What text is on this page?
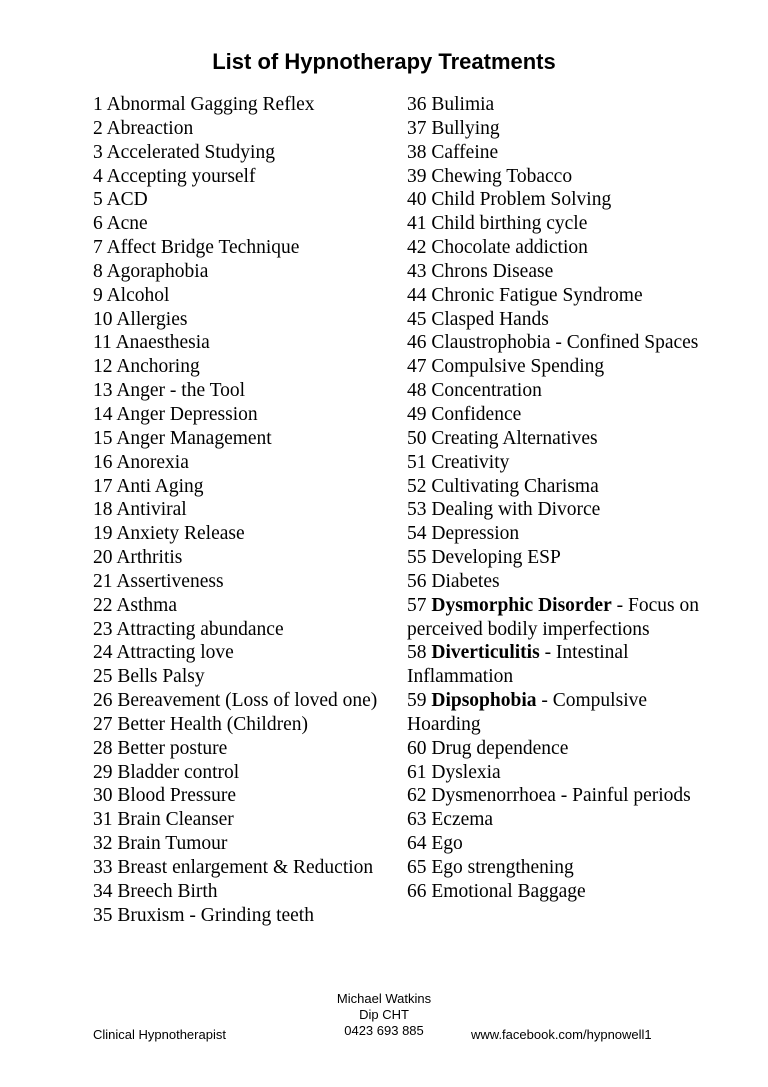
List of Hypnotherapy Treatments
1 Abnormal Gagging Reflex
2 Abreaction
3 Accelerated Studying
4 Accepting yourself
5 ACD
6 Acne
7 Affect Bridge Technique
8 Agoraphobia
9 Alcohol
10 Allergies
11 Anaesthesia
12 Anchoring
13 Anger - the Tool
14 Anger Depression
15 Anger Management
16 Anorexia
17 Anti Aging
18 Antiviral
19 Anxiety Release
20 Arthritis
21 Assertiveness
22 Asthma
23 Attracting abundance
24 Attracting love
25 Bells Palsy
26 Bereavement (Loss of loved one)
27 Better Health (Children)
28 Better posture
29 Bladder control
30 Blood Pressure
31 Brain Cleanser
32 Brain Tumour
33 Breast enlargement & Reduction
34 Breech Birth
35 Bruxism - Grinding teeth
36 Bulimia
37 Bullying
38 Caffeine
39 Chewing Tobacco
40 Child Problem Solving
41 Child birthing cycle
42 Chocolate addiction
43 Chrons Disease
44 Chronic Fatigue Syndrome
45 Clasped Hands
46 Claustrophobia - Confined Spaces
47 Compulsive Spending
48 Concentration
49 Confidence
50 Creating Alternatives
51 Creativity
52 Cultivating Charisma
53 Dealing with Divorce
54 Depression
55 Developing ESP
56 Diabetes
57 Dysmorphic Disorder - Focus on perceived bodily imperfections
58 Diverticulitis - Intestinal Inflammation
59 Dipsophobia - Compulsive Hoarding
60 Drug dependence
61 Dyslexia
62 Dysmenorrhoea - Painful periods
63 Eczema
64 Ego
65 Ego strengthening
66 Emotional Baggage
Clinical Hypnotherapist
Michael Watkins
Dip CHT
0423 693 885	www.facebook.com/hypnowell1
